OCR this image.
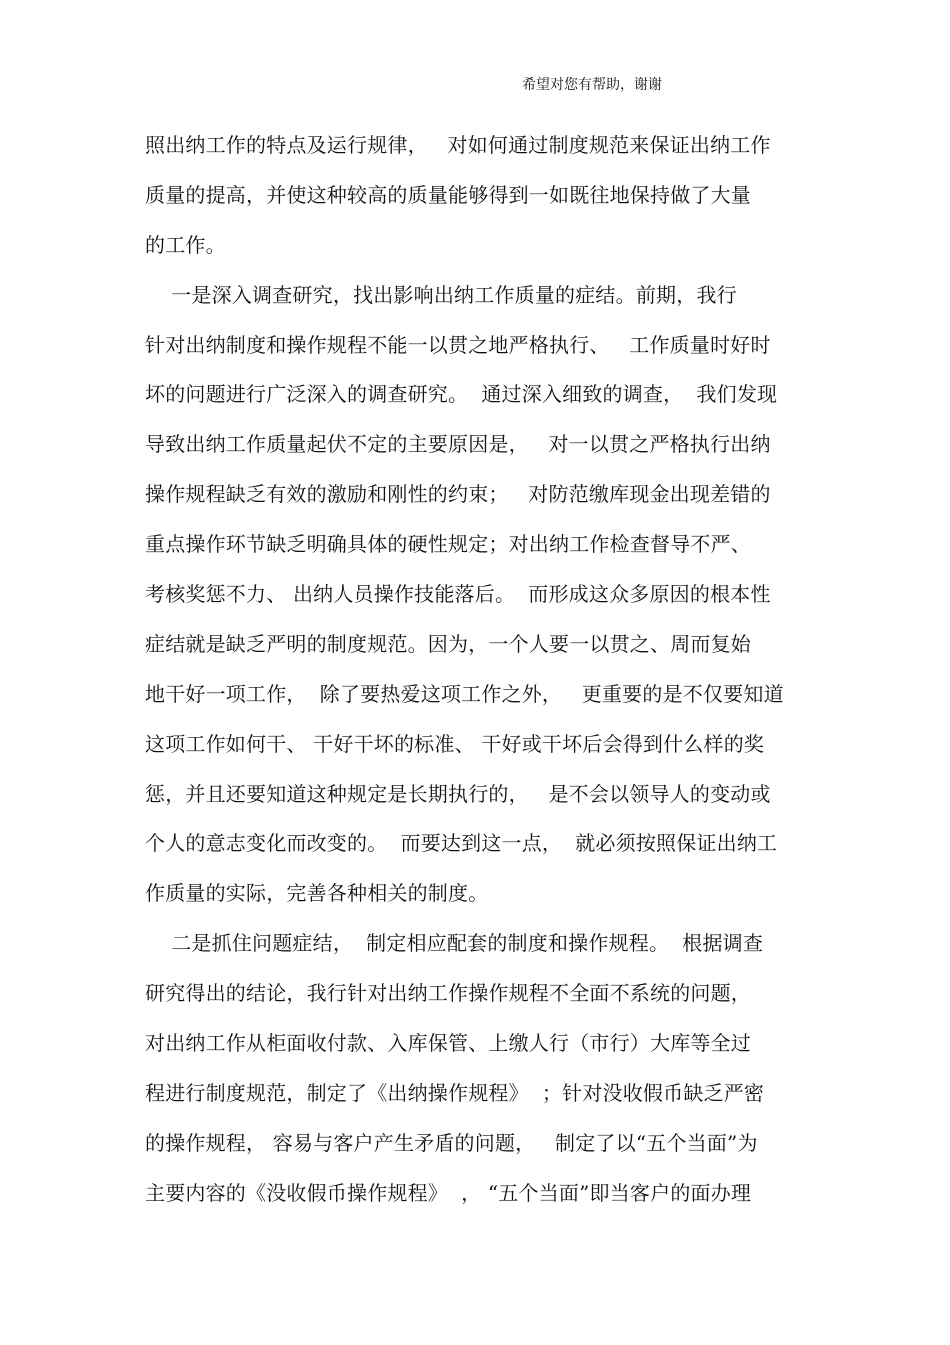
希望对您有帮助，谢谢
照出纳工作的特点及运行规律，   对如何通过制度规范来保证出纳工作
质量的提高，并使这种较高的质量能够得到一如既往地保持做了大量
的工作。
一是深入调查研究，找出影响出纳工作质量的症结。前期，我行
针对出纳制度和操作规程不能一以贯之地严格执行、   工作质量时好时
坏的问题进行广泛深入的调查研究。  通过深入细致的调查，  我们发现
导致出纳工作质量起伏不定的主要原因是，   对一以贯之严格执行出纳
操作规程缺乏有效的激励和刚性的约束；   对防范缴库现金出现差错的
重点操作环节缺乏明确具体的硬性规定；对出纳工作检查督导不严、
考核奖惩不力、 出纳人员操作技能落后。  而形成这众多原因的根本性
症结就是缺乏严明的制度规范。因为，一个人要一以贯之、周而复始
地干好一项工作，  除了要热爱这项工作之外，   更重要的是不仅要知道
这项工作如何干、 干好干坏的标准、 干好或干坏后会得到什么样的奖
惩，并且还要知道这种规定是长期执行的，   是不会以领导人的变动或
个人的意志变化而改变的。  而要达到这一点，  就必须按照保证出纳工
作质量的实际，完善各种相关的制度。
二是抓住问题症结，  制定相应配套的制度和操作规程。  根据调查
研究得出的结论，我行针对出纳工作操作规程不全面不系统的问题，
对出纳工作从柜面收付款、入库保管、上缴人行（市行）大库等全过
程进行制度规范，制定了《出纳操作规程》  ；针对没收假币缺乏严密
的操作规程， 容易与客户产生矛盾的问题，   制定了以“五个当面”为
主要内容的《没收假币操作规程》  ， “五个当面”即当客户的面办理
